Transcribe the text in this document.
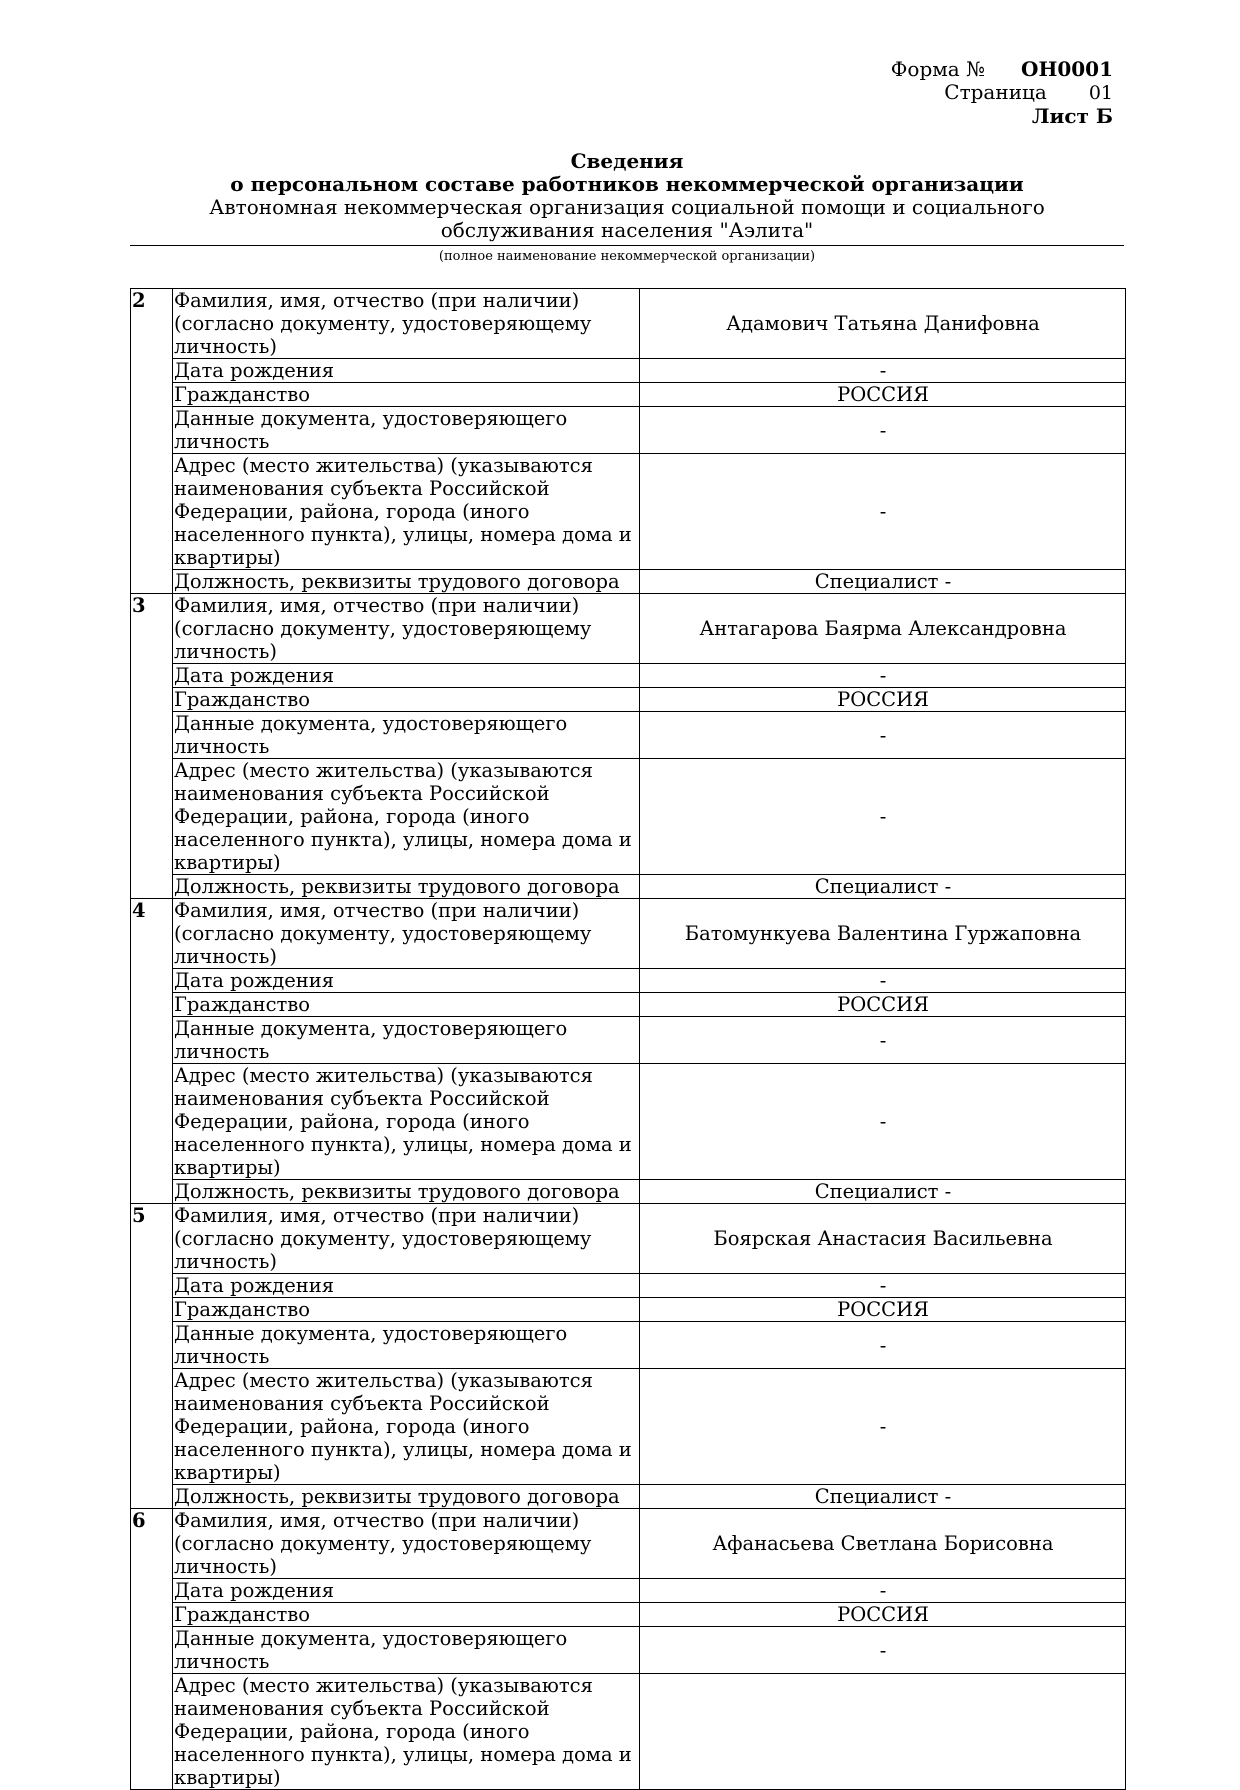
Форма № ОН0001
Страница 01
Лист Б
Сведения
о персональном составе работников некоммерческой организации
Автономная некоммерческая организация социальной помощи и социального обслуживания населения "Аэлита"
(полное наименование некоммерческой организации)
2	Фамилия, имя, отчество (при наличии) (согласно документу, удостоверяющему личность)	Адамович Татьяна Данифовна
	Дата рождения	-
	Гражданство	РОССИЯ
	Данные документа, удостоверяющего личность	-
	Адрес (место жительства) (указываются наименования субъекта Российской Федерации, района, города (иного населенного пункта), улицы, номера дома и квартиры)	-
	Должность, реквизиты трудового договора	Специалист -
3	Фамилия, имя, отчество (при наличии) (согласно документу, удостоверяющему личность)	Антагарова Баярма Александровна
	Дата рождения	-
	Гражданство	РОССИЯ
	Данные документа, удостоверяющего личность	-
	Адрес (место жительства) (указываются наименования субъекта Российской Федерации, района, города (иного населенного пункта), улицы, номера дома и квартиры)	-
	Должность, реквизиты трудового договора	Специалист -
4	Фамилия, имя, отчество (при наличии) (согласно документу, удостоверяющему личность)	Батомункуева Валентина Гуржаповна
	Дата рождения	-
	Гражданство	РОССИЯ
	Данные документа, удостоверяющего личность	-
	Адрес (место жительства) (указываются наименования субъекта Российской Федерации, района, города (иного населенного пункта), улицы, номера дома и квартиры)	-
	Должность, реквизиты трудового договора	Специалист -
5	Фамилия, имя, отчество (при наличии) (согласно документу, удостоверяющему личность)	Боярская Анастасия Васильевна
	Дата рождения	-
	Гражданство	РОССИЯ
	Данные документа, удостоверяющего личность	-
	Адрес (место жительства) (указываются наименования субъекта Российской Федерации, района, города (иного населенного пункта), улицы, номера дома и квартиры)	-
	Должность, реквизиты трудового договора	Специалист -
6	Фамилия, имя, отчество (при наличии) (согласно документу, удостоверяющему личность)	Афанасьева Светлана Борисовна
	Дата рождения	-
	Гражданство	РОССИЯ
	Данные документа, удостоверяющего личность	-
	Адрес (место жительства) (указываются наименования субъекта Российской Федерации, района, города (иного населенного пункта), улицы, номера дома и квартиры)	
